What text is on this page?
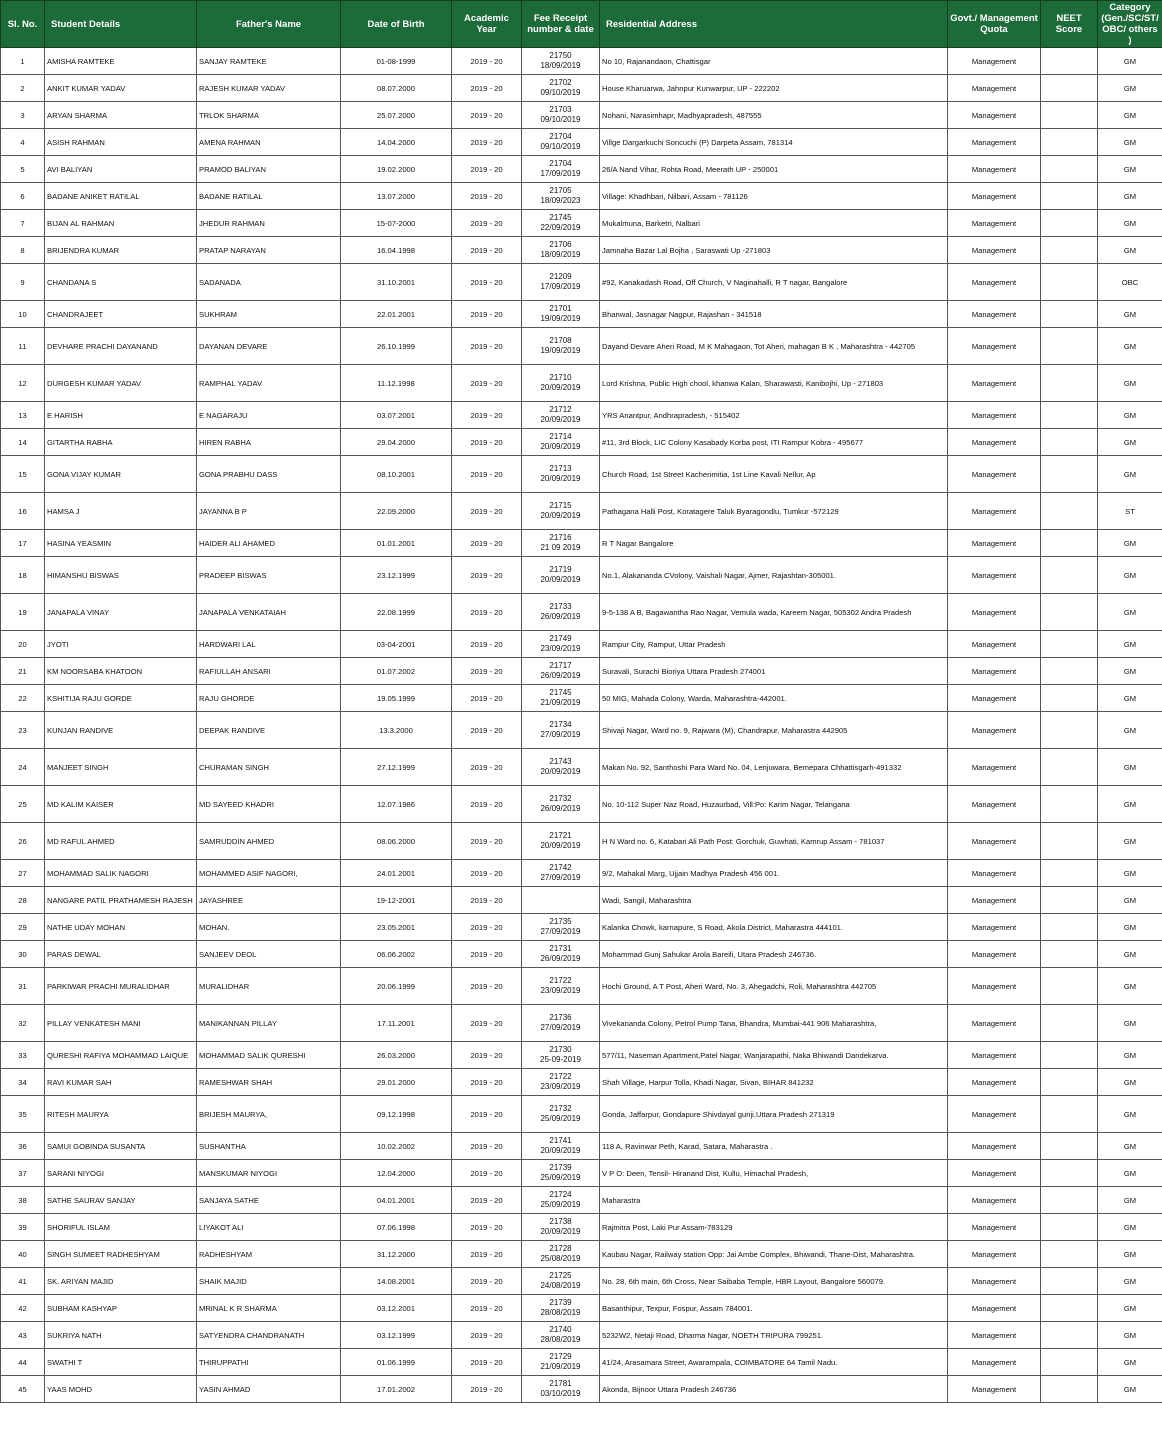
Sl. No.	Student Details	Father's Name	Date of Birth	Academic Year	Fee Receipt number & date	Residential Address	Govt./ Management Quota	NEET Score	Category (Gen./SC/ST/ OBC/ others )
1	AMISHA RAMTEKE	SANJAY RAMTEKE	01-08-1999	2019 - 20	21750
18/09/2019	No 10, Rajanandaon, Chattisgar	Management		GM
2	ANKIT KUMAR YADAV	RAJESH KUMAR YADAV	08.07.2000	2019 - 20	21702
09/10/2019	House Kharuarwa, Jahnpur Kunwarpur, UP - 222202	Management		GM
3	ARYAN SHARMA	TRLOK SHARMA	25.07.2000	2019 - 20	21703
09/10/2019	Nohani, Narasimhapr, Madhyapradesh, 487555	Management		GM
4	ASISH RAHMAN	AMENA RAHMAN	14.04.2000	2019 - 20	21704
09/10/2019	Villge Dargarkuchi Soncuchi (P) Darpeta Assam, 781314	Management		GM
5	AVI BALIYAN	PRAMOD BALIYAN	19.02.2000	2019 - 20	21704
17/09/2019	26/A Nand Vihar, Rohta Road, Meerath UP - 250001	Management		GM
6	BADANE ANIKET RATILAL	BADANE RATILAL	13.07.2000	2019 - 20	21705
18/09/2023	Village: Khadhbari, Nilbari, Assam - 781126	Management		GM
7	BIJAN AL RAHMAN	JHEDUR RAHMAN	15-07-2000	2019 - 20	21745
22/09/2019	Mukalmuna, Barketri, Nalbari	Management		GM
8	BRIJENDRA KUMAR	PRATAP NARAYAN	16.04.1998	2019 - 20	21706
18/09/2019	Jamnaha Bazar Lal Bojha , Saraswati Up -271803	Management		GM
9	CHANDANA S	SADANADA	31.10.2001	2019 - 20	21209
17/09/2019	#92, Kanakadash Road, Off Church, V Naginahalli, R T nagar, Bangalore	Management		OBC
10	CHANDRAJEET	SUKHRAM	22.01.2001	2019 - 20	21701
19/09/2019	Bhanwal, Jasnagar Nagpur, Rajashan - 341518	Management		GM
11	DEVHARE PRACHI DAYANAND	DAYANAN DEVARE	26.10.1999	2019 - 20	21708
19/09/2019	Dayand Devare Aheri Road, M K Mahagaon, Tot Aheri, mahagan B K , Maharashtra - 442705	Management		GM
12	DURGESH KUMAR YADAV	RAMPHAL YADAV	11.12.1998	2019 - 20	21710
20/09/2019	Lord Krishna, Public High chool, khanwa Kalan, Sharawasti, Kanibojhi, Up - 271803	Management		GM
13	E HARISH	E NAGARAJU	03.07.2001	2019 - 20	21712
20/09/2019	YRS Anantpur, Andhrapradesh, - 515402	Management		GM
14	GITARTHA RABHA	HIREN RABHA	29.04.2000	2019 - 20	21714
20/09/2019	#11, 3rd Block, LIC Colony Kasabady Korba post, ITI Rampur Kobra - 495677	Management		GM
15	GONA VIJAY KUMAR	GONA PRABHU DASS	08.10.2001	2019 - 20	21713
20/09/2019	Church Road, 1st Street Kacherimitia, 1st Line Kavali Nellur, Ap	Management		GM
16	HAMSA J	JAYANNA B P	22.09.2000	2019 - 20	21715
20/09/2019	Pathagana Halli Post, Koratagere Taluk Byaragondlu, Tumkur -572129	Management		ST
17	HASINA YEASMIN	HAIDER ALI AHAMED	01.01.2001	2019 - 20	21716
21 09 2019	R T Nagar Bangalore	Management		GM
18	HIMANSHU BISWAS	PRADEEP BISWAS	23.12.1999	2019 - 20	21719
20/09/2019	No.1, Alakananda CVolony, Vaishali Nagar, Ajmer, Rajashtan-305001.	Management		GM
19	JANAPALA VINAY	JANAPALA VENKATAIAH	22.08.1999	2019 - 20	21733
26/09/2019	9-5-138 A B, Bagawantha Rao Nagar, Vemula wada, Kareem Nagar, 505302 Andra Pradesh	Management		GM
20	JYOTI	HARDWARI LAL	03-04-2001	2019 - 20	21749
23/09/2019	Rampur City, Rampur, Uttar Pradesh	Management		GM
21	KM NOORSABA KHATOON	RAFIULLAH ANSARI	01.07.2002	2019 - 20	21717
26/09/2019	Suravali, Surachi Bioriya Uttara Pradesh 274001	Management		GM
22	KSHITIJA RAJU GORDE	RAJU GHORDE	19.05.1999	2019 - 20	21745
21/09/2019	50 MIG, Mahada Colony, Warda, Maharashtra-442001.	Management		GM
23	KUNJAN RANDIVE	DEEPAK RANDIVE	13.3.2000	2019 - 20	21734
27/09/2019	Shivaji Nagar, Ward no. 9, Rajwara (M), Chandrapur, Maharastra 442905	Management		GM
24	MANJEET SINGH	CHURAMAN SINGH	27.12.1999	2019 - 20	21743
20/09/2019	Makan No. 92, Santhoshi Para Ward No. 04, Lenjuwara, Bemepara Chhattisgarh-491332	Management		GM
25	MD KALIM KAISER	MD SAYEED KHADRI	12.07.1986	2019 - 20	21732
26/09/2019	No. 10-112 Super Naz Road, Huzaurbad, Vill:Po: Karim Nagar, Telangana	Management		GM
26	MD RAFUL AHMED	SAMRUDDIN AHMED	08.06.2000	2019 - 20	21721
20/09/2019	H N Ward no. 6, Katabari Ali Path Post: Gorchuk, Guwhati, Kamrup Assam - 781037	Management		GM
27	MOHAMMAD SALIK NAGORI	MOHAMMED ASIF NAGORI,	24.01.2001	2019 - 20	21742
27/09/2019	9/2, Mahakal Marg, Ujjain Madhya Pradesh 456 001.	Management		GM
28	NANGARE PATIL PRATHAMESH RAJESH	JAYASHREE	19-12-2001	2019 - 20		Wadi, Sangil, Maharashtra	Management		GM
29	NATHE UDAY MOHAN	MOHAN.	23.05.2001	2019 - 20	21735
27/09/2019	Kalanka Chowk, karnapure, S Road, Akola District, Maharastra 444101.	Management		GM
30	PARAS DEWAL	SANJEEV DEOL	06.06.2002	2019 - 20	21731
26/09/2019	Mohammad Gunj Sahukar Arola Bareili, Utara Pradesh 246736.	Management		GM
31	PARKIWAR PRACHI MURALIDHAR	MURALIDHAR	20.06.1999	2019 - 20	21722
23/09/2019	Hochi Ground, A T Post, Aheri Ward, No. 3, Ahegadchi, Roli, Maharashtra 442705	Management		GM
32	PILLAY VENKATESH MANI	MANIKANNAN PILLAY	17.11.2001	2019 - 20	21736
27/09/2019	Vivekananda Colony, Petrol Pump Tana, Bhandra, Mumbai-441 906 Maharashtra,	Management		GM
33	QURESHI RAFIYA MOHAMMAD LAIQUE	MOHAMMAD SALIK QURESHI	26.03.2000	2019 - 20	21730
25-09-2019	577/11, Naseman Apartment,Patel Nagar, Wanjarapathi, Naka Bhiwandi Dandekarva.	Management		GM
34	RAVI KUMAR SAH	RAMESHWAR SHAH	29.01.2000	2019 - 20	21722
23/09/2019	Shah Village, Harpur Tolla, Khadi Nagar, Sivan, BIHAR 841232	Management		GM
35	RITESH MAURYA	BRIJESH MAURYA,	09.12.1998	2019 - 20	21732
25/09/2019	Gonda, Jaffarpur, Gondapure Shivdayal gunji,Uttara Pradesh 271319	Management		GM
36	SAMUI GOBINDA SUSANTA	SUSHANTHA	10.02.2002	2019 - 20	21741
20/09/2019	118 A, Ravinwar Peth, Karad, Satara, Maharastra .	Management		GM
37	SARANI NIYOGI	MANSKUMAR NIYOGI	12.04.2000	2019 - 20	21739
25/09/2019	V P O: Deen, Tensil- Hiranand Dist, Kullu, Himachal Pradesh,	Management		GM
38	SATHE SAURAV SANJAY	SANJAYA SATHE	04.01.2001	2019 - 20	21724
25/09/2019	Maharastra	Management		GM
39	SHORIFUL ISLAM	LIYAKOT ALI	07.06.1998	2019 - 20	21738
20/09/2019	Rajmitra Post, Laki Pur Assam-783129	Management		GM
40	SINGH SUMEET RADHESHYAM	RADHESHYAM	31.12.2000	2019 - 20	21728
25/08/2019	Kaubau Nagar, Railway station Opp: Jai Ambe Complex, Bhiwandi, Thane-Dist, Maharashtra.	Management		GM
41	SK. ARIYAN MAJID	SHAIK MAJID	14.08.2001	2019 - 20	21725
24/08/2019	No. 28, 6th main, 6th Cross, Near Saibaba Temple, HBR Layout, Bangalore 560079.	Management		GM
42	SUBHAM KASHYAP	MRINAL K R SHARMA	03.12.2001	2019 - 20	21739
28/08/2019	Basanthipur, Texpur, Fospur, Assam 784001.	Management		GM
43	SUKRIYA NATH	SATYENDRA CHANDRANATH	03.12.1999	2019 - 20	21740
28/08/2019	5232W2, Netaji Road, Dharma Nagar, NOETH TRIPURA 799251.	Management		GM
44	SWATHI T	THIRUPPATHI	01.06.1999	2019 - 20	21729
21/09/2019	41/24, Arasamara Street, Awarampala, COIMBATORE 64 Tamil Nadu.	Management		GM
45	YAAS MOHD	YASIN AHMAD	17.01.2002	2019 - 20	21781
03/10/2019	Akonda, Bijnoor Uttara Pradesh 246736	Management		GM
